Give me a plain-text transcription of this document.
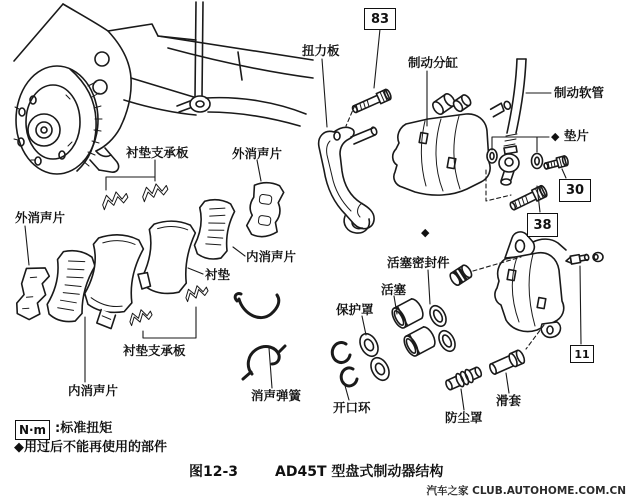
扭力板
制动分缸
制动软管
◆ 垫片
衬垫支承板	外消声片
外消声片
内消声片
衬垫
衬垫支承板
内消声片	消声弹簧
◆
活塞密封件
活塞
保护罩
开口环
防尘罩
滑套
83
30
38
11
N·m :标准扭矩
◆用过后不能再使用的部件
图12-3	AD45T 型盘式制动器结构
汽车之家 CLUB.AUTOHOME.COM.CN
